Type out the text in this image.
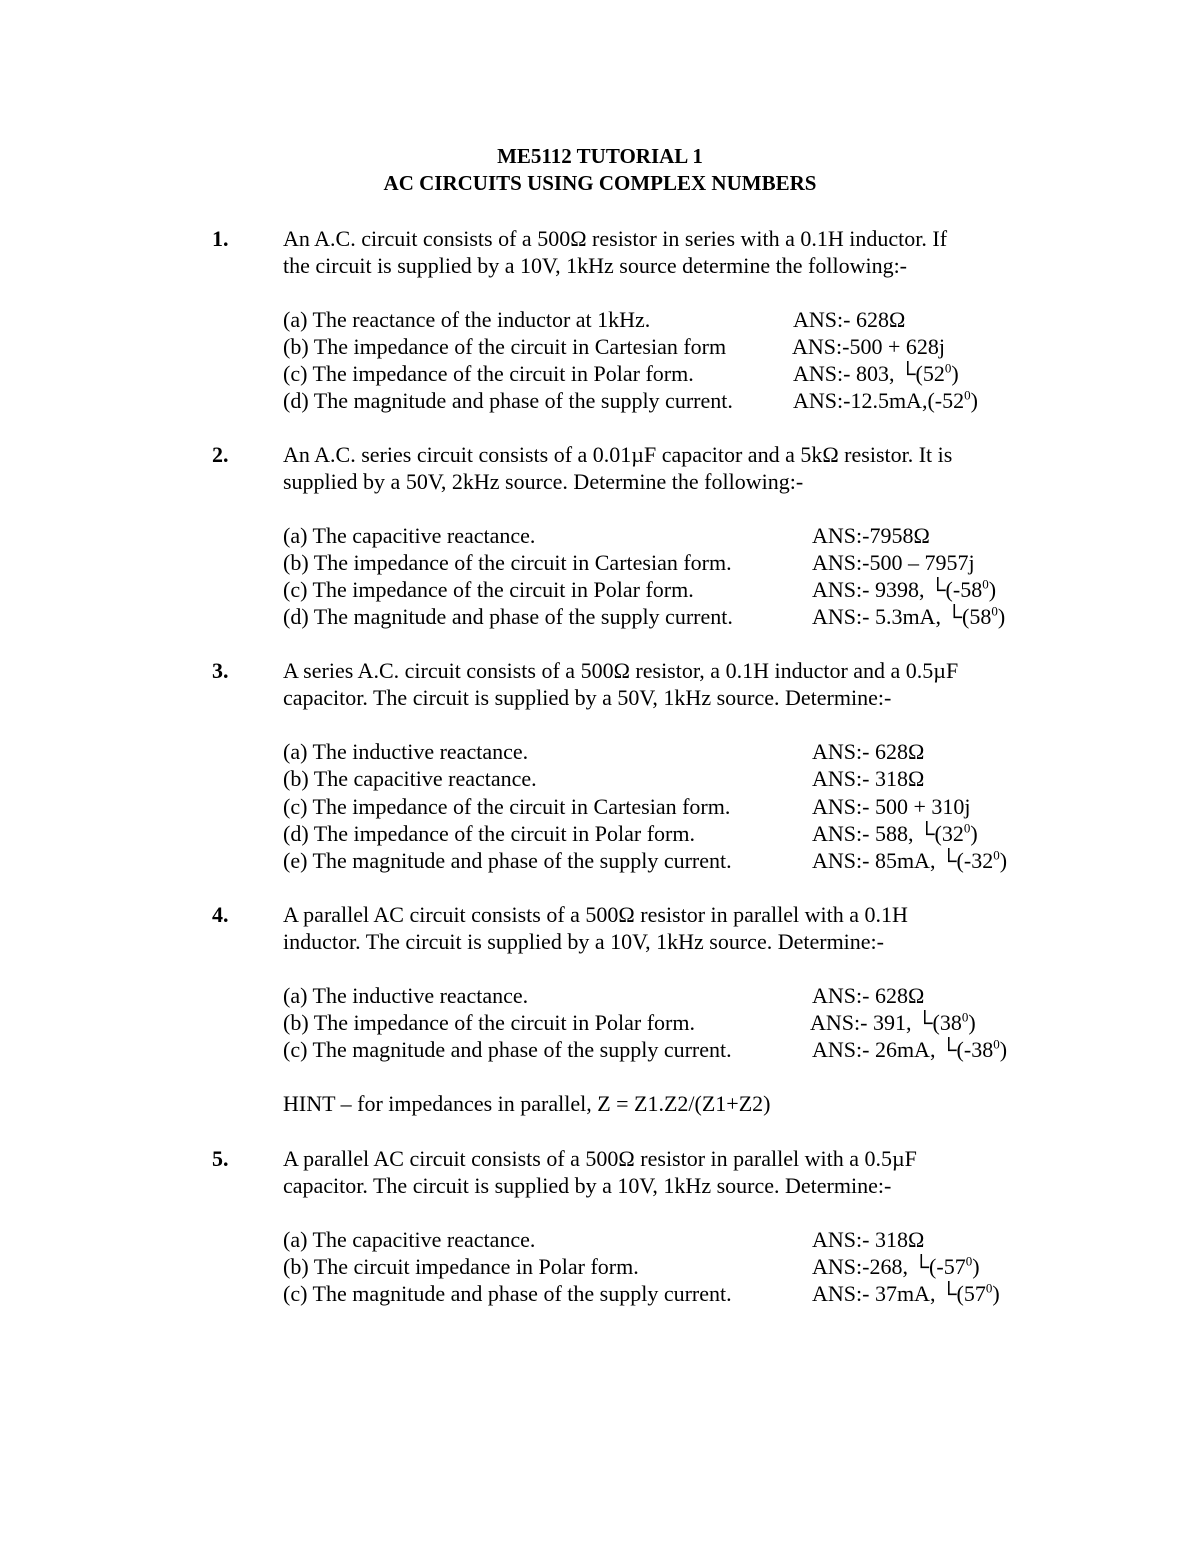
ME5112 TUTORIAL 1
AC CIRCUITS USING COMPLEX NUMBERS
1. An A.C. circuit consists of a 500Ω resistor in series with a 0.1H inductor. If
the circuit is supplied by a 10V, 1kHz source determine the following:-
(a) The reactance of the inductor at 1kHz.	ANS:- 628Ω
(b) The impedance of the circuit in Cartesian form	ANS:-500 + 628j
(c) The impedance of the circuit in Polar form.	ANS:- 803, $└(52^0)$
(d) The magnitude and phase of the supply current.	$ANS:-12.5mA,(-52^0)$
2. An A.C. series circuit consists of a 0.01µF capacitor and a 5kΩ resistor. It is
supplied by a 50V, 2kHz source. Determine the following:-
(a) The capacitive reactance.	ANS:-7958Ω
(b) The impedance of the circuit in Cartesian form.	ANS:-500 – 7957j
(c) The impedance of the circuit in Polar form.	ANS:- 9398, $└(-58^0)$
(d) The magnitude and phase of the supply current.	ANS:- 5.3mA, $└(58^0)$
3. A series A.C. circuit consists of a 500Ω resistor, a 0.1H inductor and a 0.5µF
capacitor. The circuit is supplied by a 50V, 1kHz source. Determine:-
(a) The inductive reactance.	ANS:- 628Ω
(b) The capacitive reactance.	ANS:- 318Ω
(c) The impedance of the circuit in Cartesian form.	ANS:- 500 + 310j
(d) The impedance of the circuit in Polar form.	ANS:- 588, $└(32^0)$
(e) The magnitude and phase of the supply current.	ANS:- 85mA, $└(-32^0)$
4. A parallel AC circuit consists of a 500Ω resistor in parallel with a 0.1H
inductor. The circuit is supplied by a 10V, 1kHz source. Determine:-
(a) The inductive reactance.	ANS:- 628Ω
(b) The impedance of the circuit in Polar form.	ANS:- 391, $└(38^0)$
(c) The magnitude and phase of the supply current.	ANS:- 26mA, $└(-38^0)$
HINT – for impedances in parallel, Z = Z1.Z2/(Z1+Z2)
5. A parallel AC circuit consists of a 500Ω resistor in parallel with a 0.5µF
capacitor. The circuit is supplied by a 10V, 1kHz source. Determine:-
(a) The capacitive reactance.	ANS:- 318Ω
(b) The circuit impedance in Polar form.	ANS:-268, $└(-57^0)$
(c) The magnitude and phase of the supply current.	ANS:- 37mA, $└(57^0)$
